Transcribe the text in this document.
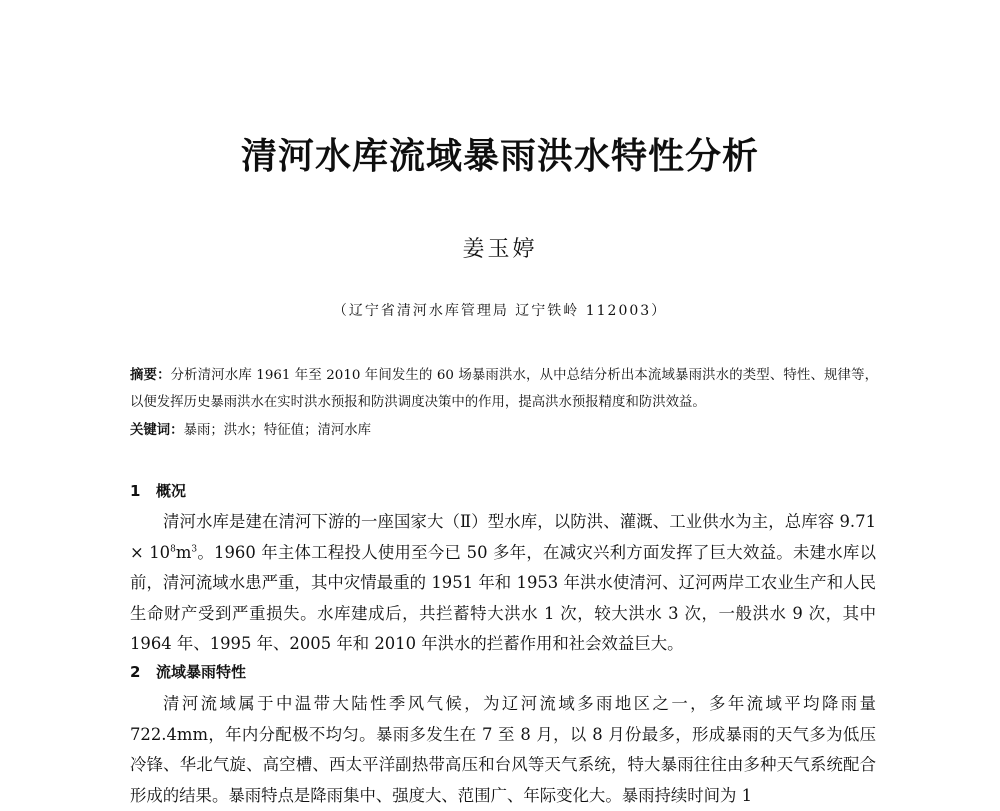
清河水库流域暴雨洪水特性分析
姜玉婷
（辽宁省清河水库管理局 辽宁铁岭 112003）
摘要：分析清河水库 1961 年至 2010 年间发生的 60 场暴雨洪水，从中总结分析出本流域暴雨洪水的类型、特性、规律等，以便发挥历史暴雨洪水在实时洪水预报和防洪调度决策中的作用，提高洪水预报精度和防洪效益。
关键词：暴雨；洪水；特征值；清河水库
1 概况
清河水库是建在清河下游的一座国家大（Ⅱ）型水库，以防洪、灌溉、工业供水为主，总库容 $9.71 \times 10^8m^3$。1960 年主体工程投人使用至今已 50 多年，在减灾兴利方面发挥了巨大效益。未建水库以前，清河流域水患严重，其中灾情最重的 1951 年和 1953 年洪水使清河、辽河两岸工农业生产和人民生命财产受到严重损失。水库建成后，共拦蓄特大洪水 1 次，较大洪水 3 次，一般洪水 9 次，其中 1964 年、1995 年、2005 年和 2010 年洪水的拦蓄作用和社会效益巨大。
2 流域暴雨特性
清河流域属于中温带大陆性季风气候，为辽河流域多雨地区之一，多年流域平均降雨量722.4mm，年内分配极不均匀。暴雨多发生在 7 至 8 月，以 8 月份最多，形成暴雨的天气多为低压冷锋、华北气旋、高空槽、西太平洋副热带高压和台风等天气系统，特大暴雨往往由多种天气系统配合形成的结果。暴雨特点是降雨集中、强度大、范围广、年际变化大。暴雨持续时间为 1
